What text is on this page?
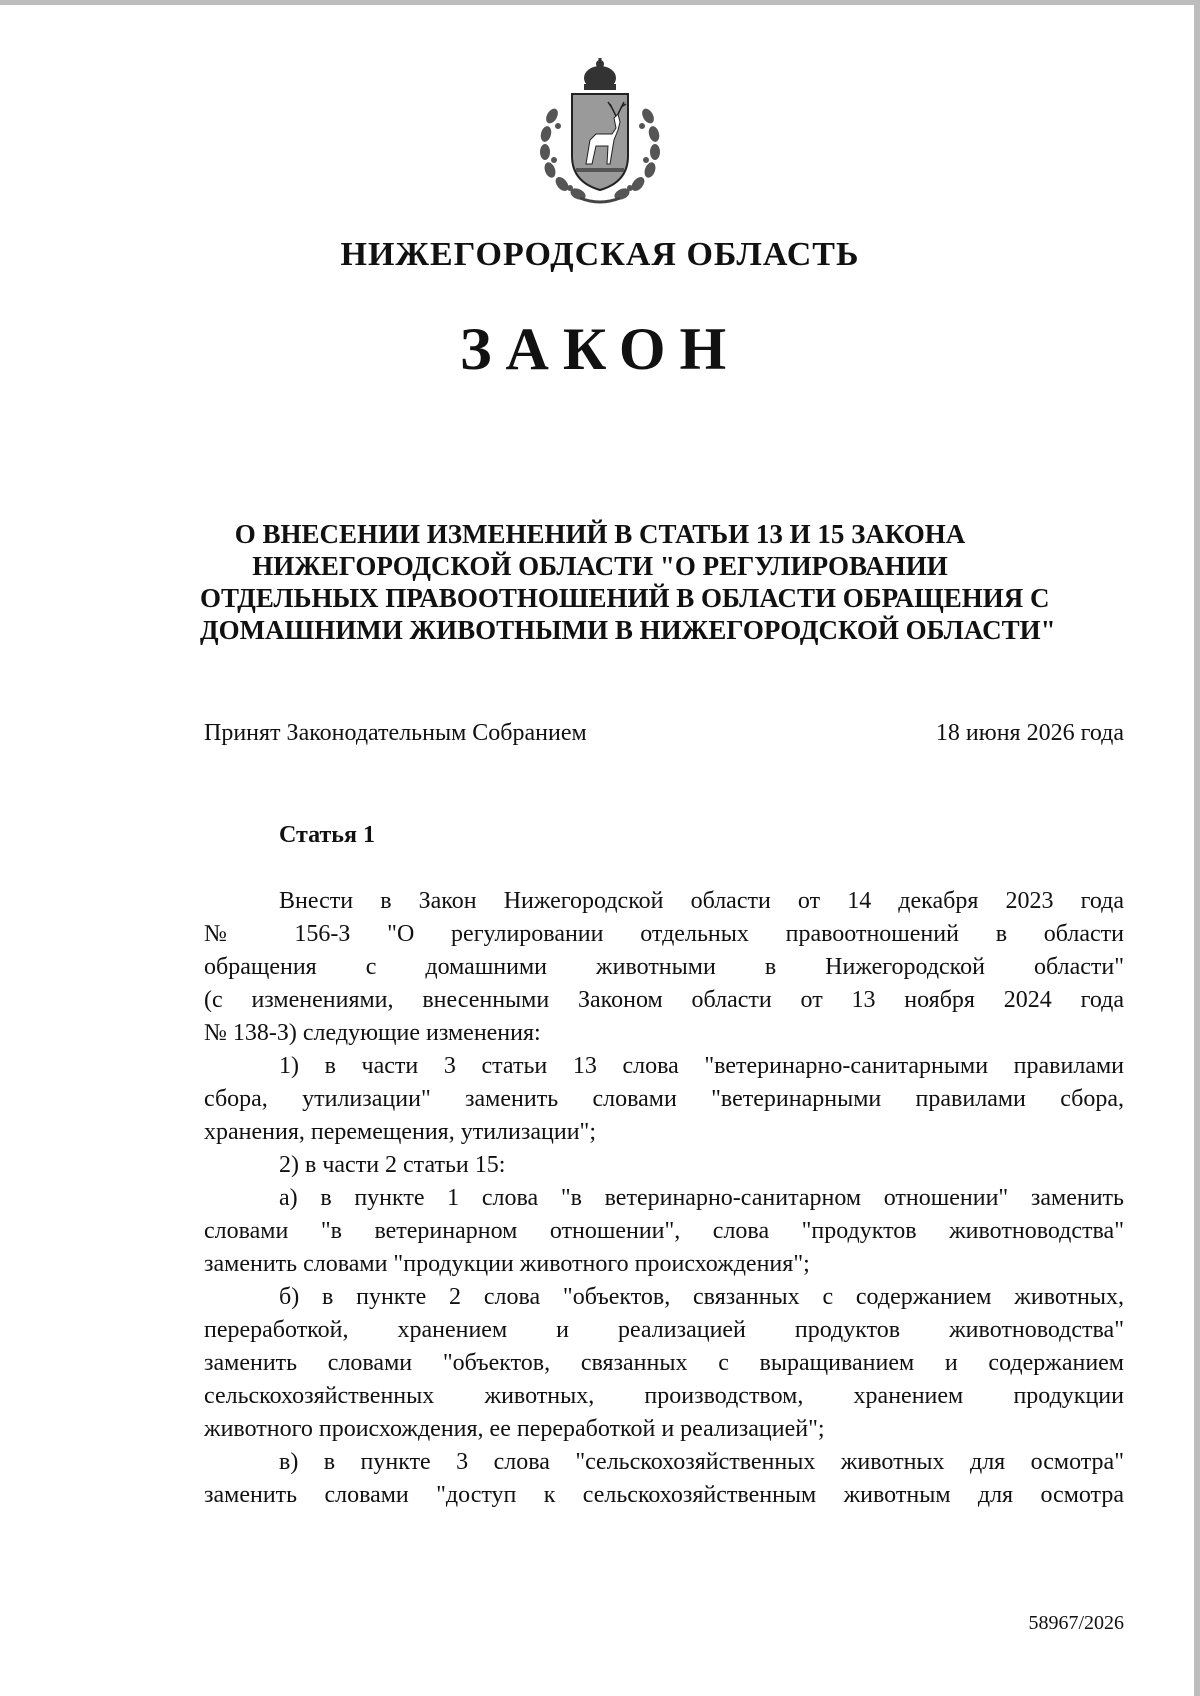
НИЖЕГОРОДСКАЯ ОБЛАСТЬ
ЗАКОН
О ВНЕСЕНИИ ИЗМЕНЕНИЙ В СТАТЬИ 13 И 15 ЗАКОНА
НИЖЕГОРОДСКОЙ ОБЛАСТИ "О РЕГУЛИРОВАНИИ
ОТДЕЛЬНЫХ ПРАВООТНОШЕНИЙ В ОБЛАСТИ ОБРАЩЕНИЯ С
ДОМАШНИМИ ЖИВОТНЫМИ В НИЖЕГОРОДСКОЙ ОБЛАСТИ"
Принят Законодательным Собранием	18 июня 2026 года
Статья 1
Внести в Закон Нижегородской области от 14 декабря 2023 года
№ 156-З "О регулировании отдельных правоотношений в области
обращения с домашними животными в Нижегородской области"
(с изменениями, внесенными Законом области от 13 ноября 2024 года
№ 138-З) следующие изменения:
1) в части 3 статьи 13 слова "ветеринарно-санитарными правилами
сбора, утилизации" заменить словами "ветеринарными правилами сбора,
хранения, перемещения, утилизации";
2) в части 2 статьи 15:
а) в пункте 1 слова "в ветеринарно-санитарном отношении" заменить
словами "в ветеринарном отношении", слова "продуктов животноводства"
заменить словами "продукции животного происхождения";
б) в пункте 2 слова "объектов, связанных с содержанием животных,
переработкой, хранением и реализацией продуктов животноводства"
заменить словами "объектов, связанных с выращиванием и содержанием
сельскохозяйственных животных, производством, хранением продукции
животного происхождения, ее переработкой и реализацией";
в) в пункте 3 слова "сельскохозяйственных животных для осмотра"
заменить словами "доступ к сельскохозяйственным животным для осмотра
58967/2026
